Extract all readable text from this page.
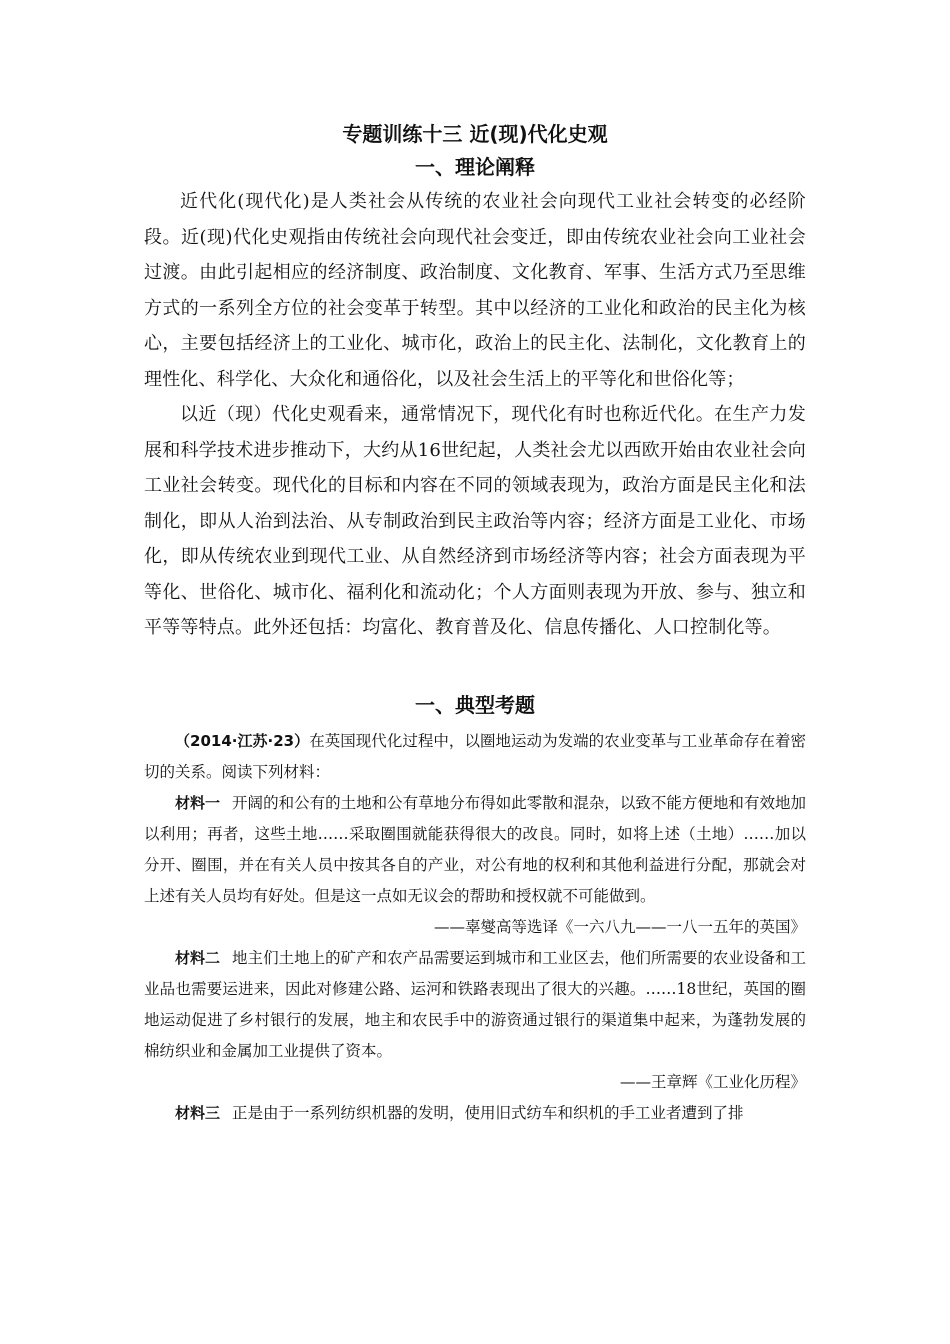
专题训练十三 近(现)代化史观
一、理论阐释

近代化(现代化)是人类社会从传统的农业社会向现代工业社会转变的必经阶段。近(现)代化史观指由传统社会向现代社会变迁，即由传统农业社会向工业社会过渡。由此引起相应的经济制度、政治制度、文化教育、军事、生活方式乃至思维方式的一系列全方位的社会变革于转型。其中以经济的工业化和政治的民主化为核心，主要包括经济上的工业化、城市化，政治上的民主化、法制化，文化教育上的理性化、科学化、大众化和通俗化，以及社会生活上的平等化和世俗化等；

以近（现）代化史观看来，通常情况下，现代化有时也称近代化。在生产力发展和科学技术进步推动下，大约从16世纪起，人类社会尤以西欧开始由农业社会向工业社会转变。现代化的目标和内容在不同的领域表现为，政治方面是民主化和法制化，即从人治到法治、从专制政治到民主政治等内容；经济方面是工业化、市场化，即从传统农业到现代工业、从自然经济到市场经济等内容；社会方面表现为平等化、世俗化、城市化、福利化和流动化；个人方面则表现为开放、参与、独立和平等等特点。此外还包括：均富化、教育普及化、信息传播化、人口控制化等。

一、典型考题

（2014·江苏·23）在英国现代化过程中，以圈地运动为发端的农业变革与工业革命存在着密切的关系。阅读下列材料：

材料一 开阔的和公有的土地和公有草地分布得如此零散和混杂，以致不能方便地和有效地加以利用；再者，这些土地……采取圈围就能获得很大的改良。同时，如将上述（土地）……加以分开、圈围，并在有关人员中按其各自的产业，对公有地的权利和其他利益进行分配，那就会对上述有关人员均有好处。但是这一点如无议会的帮助和授权就不可能做到。

——辜燮高等选译《一六八九——一八一五年的英国》

材料二 地主们土地上的矿产和农产品需要运到城市和工业区去，他们所需要的农业设备和工业品也需要运进来，因此对修建公路、运河和铁路表现出了很大的兴趣。……18世纪，英国的圈地运动促进了乡村银行的发展，地主和农民手中的游资通过银行的渠道集中起来，为蓬勃发展的棉纺织业和金属加工业提供了资本。

——王章辉《工业化历程》

材料三 正是由于一系列纺织机器的发明，使用旧式纺车和织机的手工业者遭到了排
